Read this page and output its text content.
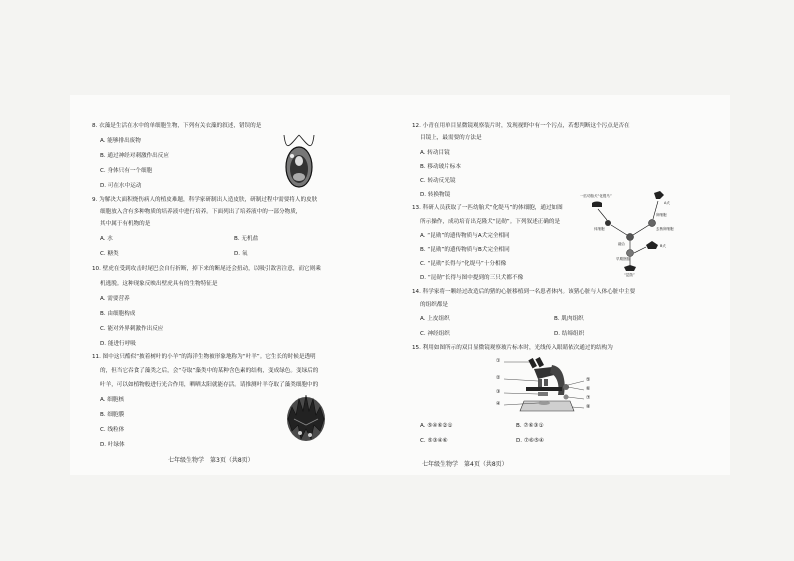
8. 衣藻是生活在水中的单细胞生物，下列有关衣藻的叙述，错误的是
A. 能够排出废物
B. 通过神经对刺激作出反应
C. 身体只有一个细胞
D. 可在水中运动
9. 为解决大面积烧伤病人的植皮难题，科学家研制出人造皮肤，研制过程中需要将人的皮肤
细胞放入含有多种物质的培养液中进行培养。下面列出了培养液中的一部分物质，
其中属于有机物的是
A. 水	B. 无机盐
C. 糖类	D. 氧
10. 壁虎在受到攻击时尾巴会自行折断，掉下来的断尾还会扭动，以吸引敌害注意，而它则乘
机逃脱。这种现象反映出壁虎具有的生物特征是
A. 需要营养
B. 由细胞构成
C. 能对外界刺激作出反应
D. 能进行呼吸
11. 图中这只酷似“披着树叶的小羊”的海洋生物被形象地称为“叶羊”。它生长的时候是透明
的，但当它吞食了藻类之后，会“夺取”藻类中的某种含色素的结构，变成绿色。变绿后的
叶羊，可以如植物般进行光合作用，晒晒太阳就能存活。请推测叶羊夺取了藻类细胞中的
A. 细胞核
B. 细胞膜
C. 线粒体
D. 叶绿体
七年级生物学　第3页（共8页）
12. 小青在用单目显微镜观察装片时，发现视野中有一个污点，若想判断这个污点是否在
目镜上，最需要的方法是
A. 转动目镜
B. 移动玻片标本
C. 转动反光镜
D. 转换物镜
13. 科研人员获取了一匹幼胎犬“化缇马”的体细胞，通过如图
所示操作，成功培育出克隆犬“昆勋”。下列叙述正确的是
A. “昆勋”的遗传物质与A犬完全相同
B. “昆勋”的遗传物质与B犬完全相同
C. “昆勋”长得与“化缇马”十分相像
D. “昆勋”长得与图中提到的三只犬都不像
一匹幼胎犬“化缇马”
A犬
体细胞
卵细胞
去核卵细胞
融合
早期胚胎
B犬
“昆勋”
14. 科学家将一颗经过改造后的猪的心脏移植到一名患者体内。该猪心脏与人体心脏中主要
的组织都是
A. 上皮组织	B. 肌肉组织
C. 神经组织	D. 结缔组织
15. 利用如图所示的双目显微镜观察玻片标本时，光线传入眼睛依次通过的结构为
①
②
③
④
⑤
⑥
⑦
⑧
A. ⑤④⑥②①	B. ⑦⑥③①
C. ⑤③④⑥	D. ⑦⑥⑤④
七年级生物学　第4页（共8页）
